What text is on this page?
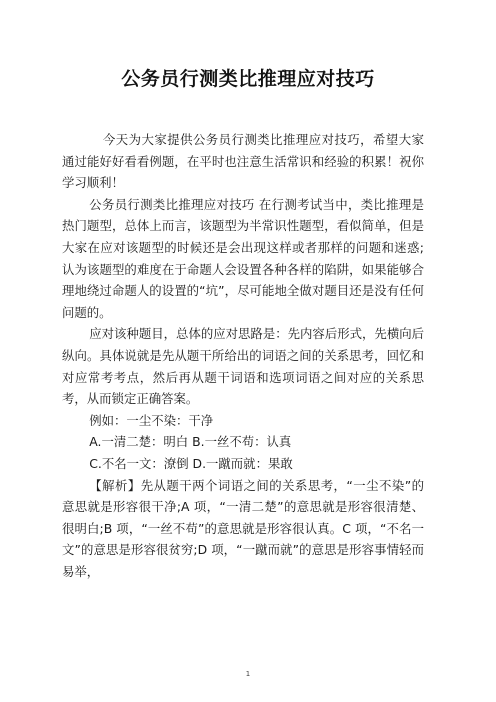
公务员行测类比推理应对技巧

今天为大家提供公务员行测类比推理应对技巧，希望大家通过能好好看看例题，在平时也注意生活常识和经验的积累！祝你学习顺利！

公务员行测类比推理应对技巧 在行测考试当中，类比推理是热门题型，总体上而言，该题型为半常识性题型，看似简单，但是大家在应对该题型的时候还是会出现这样或者那样的问题和迷惑;认为该题型的难度在于命题人会设置各种各样的陷阱，如果能够合理地绕过命题人的设置的“坑”，尽可能地全做对题目还是没有任何问题的。

应对该种题目，总体的应对思路是：先内容后形式，先横向后纵向。具体说就是先从题干所给出的词语之间的关系思考，回忆和对应常考考点，然后再从题干词语和选项词语之间对应的关系思考，从而锁定正确答案。

例如：一尘不染：干净

A.一清二楚：明白 B.一丝不苟：认真

C.不名一文：潦倒 D.一蹴而就：果敢

【解析】先从题干两个词语之间的关系思考，“一尘不染”的意思就是形容很干净;A 项，“一清二楚”的意思就是形容很清楚、很明白;B 项，“一丝不苟”的意思就是形容很认真。C 项，“不名一文”的意思是形容很贫穷;D 项，“一蹴而就”的意思是形容事情轻而易举，

1
